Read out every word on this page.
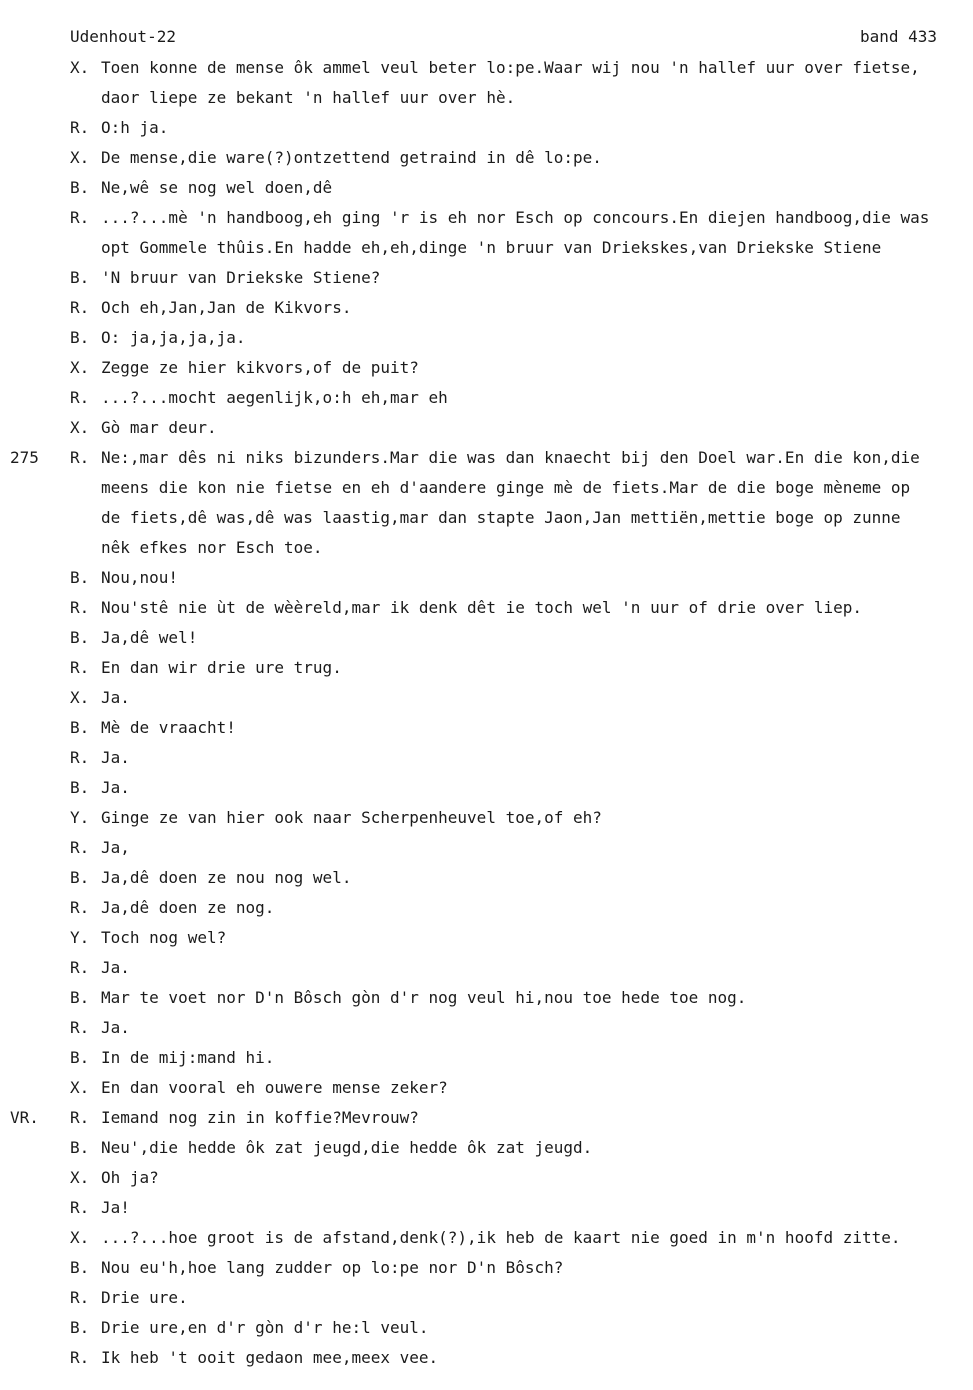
Udenhout-22	band 433
X. Toen konne de mense ôk ammel veul beter lo:pe.Waar wij nou 'n hallef uur over fietse,
daor liepe ze bekant 'n hallef uur over hè.
R. O:h ja.
X. De mense,die ware(?)ontzettend getraind in dê lo:pe.
B. Ne,wê se nog wel doen,dê
R. ...?...mè 'n handboog,eh ging 'r is eh nor Esch op concours.En diejen handboog,die was
opt Gommele thûis.En hadde eh,eh,dinge 'n bruur van Driekskes,van Driekske Stiene
B. 'N bruur van Driekske Stiene?
R. Och eh,Jan,Jan de Kikvors.
B. O: ja,ja,ja,ja.
X. Zegge ze hier kikvors,of de puit?
R. ...?...mocht aegenlijk,o:h eh,mar eh
X. Gò mar deur.
275 R. Ne:,mar dês ni niks bizunders.Mar die was dan knaecht bij den Doel war.En die kon,die
meens die kon nie fietse en eh d'aandere ginge mè de fiets.Mar de die boge mèneme op
de fiets,dê was,dê was laastig,mar dan stapte Jaon,Jan mettiën,mettie boge op zunne
nêk efkes nor Esch toe.
B. Nou,nou!
R. Nou'stê nie ùt de wèèreld,mar ik denk dêt ie toch wel 'n uur of drie over liep.
B. Ja,dê wel!
R. En dan wir drie ure trug.
X. Ja.
B. Mè de vraacht!
R. Ja.
B. Ja.
Y. Ginge ze van hier ook naar Scherpenheuvel toe,of eh?
R. Ja,
B. Ja,dê doen ze nou nog wel.
R. Ja,dê doen ze nog.
Y. Toch nog wel?
R. Ja.
B. Mar te voet nor D'n Bôsch gòn d'r nog veul hi,nou toe hede toe nog.
R. Ja.
B. In de mij:mand hi.
X. En dan vooral eh ouwere mense zeker?
VR. R. Iemand nog zin in koffie?Mevrouw?
B. Neu',die hedde ôk zat jeugd,die hedde ôk zat jeugd.
X. Oh ja?
R. Ja!
X. ...?...hoe groot is de afstand,denk(?),ik heb de kaart nie goed in m'n hoofd zitte.
B. Nou eu'h,hoe lang zudder op lo:pe nor D'n Bôsch?
R. Drie ure.
B. Drie ure,en d'r gòn d'r he:l veul.
R. Ik heb 't ooit gedaon mee,meex vee.
